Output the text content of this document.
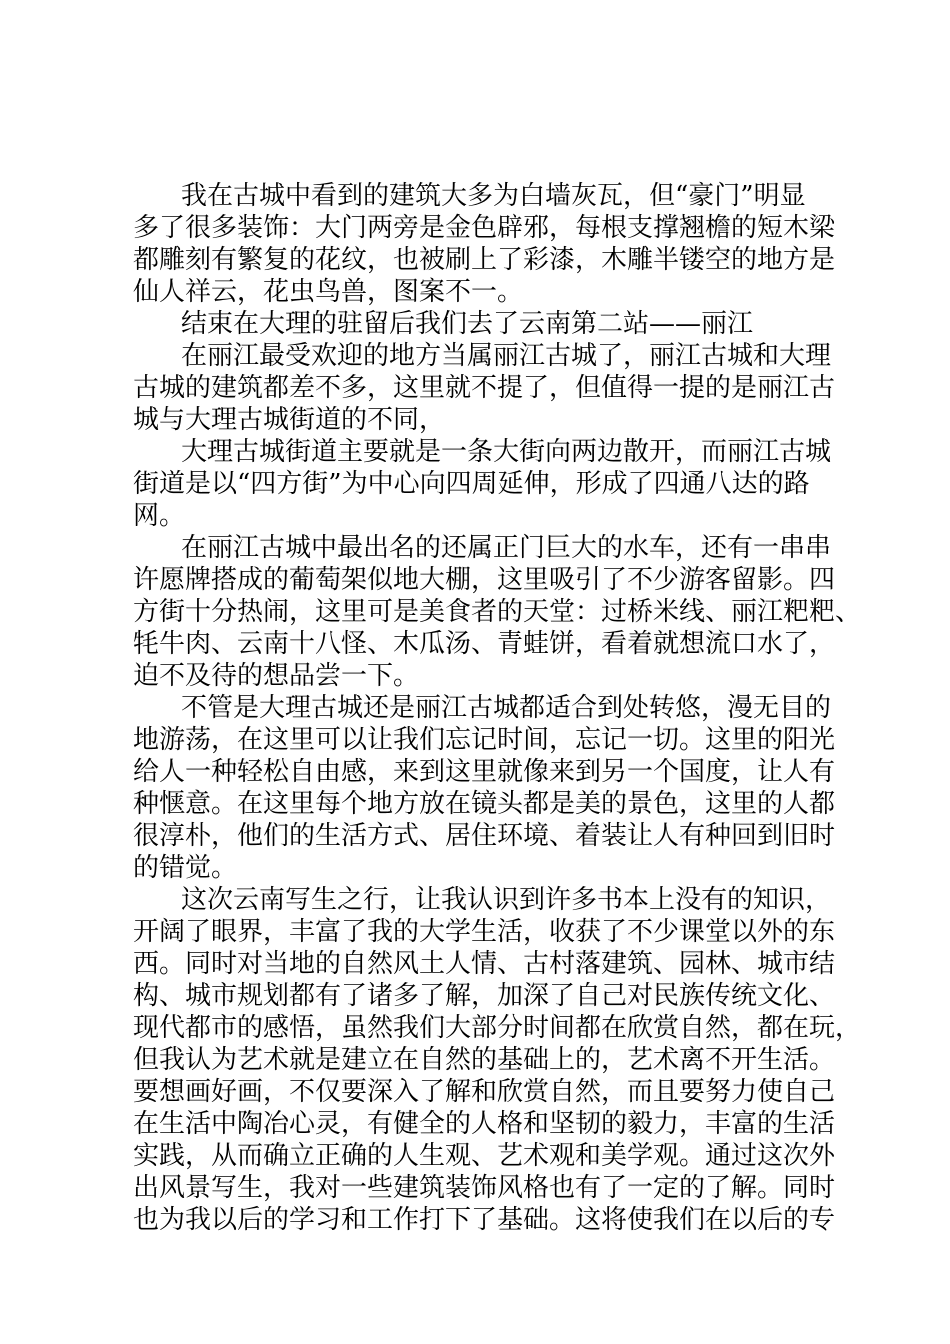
我在古城中看到的建筑大多为白墙灰瓦，但“豪门”明显
多了很多装饰：大门两旁是金色辟邪，每根支撑翘檐的短木梁
都雕刻有繁复的花纹，也被刷上了彩漆，木雕半镂空的地方是
仙人祥云，花虫鸟兽，图案不一。
结束在大理的驻留后我们去了云南第二站——丽江
在丽江最受欢迎的地方当属丽江古城了，丽江古城和大理
古城的建筑都差不多，这里就不提了，但值得一提的是丽江古
城与大理古城街道的不同，
大理古城街道主要就是一条大街向两边散开，而丽江古城
街道是以“四方街”为中心向四周延伸，形成了四通八达的路
网。
在丽江古城中最出名的还属正门巨大的水车，还有一串串
许愿牌搭成的葡萄架似地大棚，这里吸引了不少游客留影。四
方街十分热闹，这里可是美食者的天堂：过桥米线、丽江粑粑、
牦牛肉、云南十八怪、木瓜汤、青蛙饼，看着就想流口水了，
迫不及待的想品尝一下。
不管是大理古城还是丽江古城都适合到处转悠，漫无目的
地游荡，在这里可以让我们忘记时间，忘记一切。这里的阳光
给人一种轻松自由感，来到这里就像来到另一个国度，让人有
种惬意。在这里每个地方放在镜头都是美的景色，这里的人都
很淳朴，他们的生活方式、居住环境、着装让人有种回到旧时
的错觉。
这次云南写生之行，让我认识到许多书本上没有的知识，
开阔了眼界，丰富了我的大学生活，收获了不少课堂以外的东
西。同时对当地的自然风土人情、古村落建筑、园林、城市结
构、城市规划都有了诸多了解，加深了自己对民族传统文化、
现代都市的感悟，虽然我们大部分时间都在欣赏自然，都在玩，
但我认为艺术就是建立在自然的基础上的，艺术离不开生活。
要想画好画，不仅要深入了解和欣赏自然，而且要努力使自己
在生活中陶冶心灵，有健全的人格和坚韧的毅力，丰富的生活
实践，从而确立正确的人生观、艺术观和美学观。通过这次外
出风景写生，我对一些建筑装饰风格也有了一定的了解。同时
也为我以后的学习和工作打下了基础。这将使我们在以后的专
